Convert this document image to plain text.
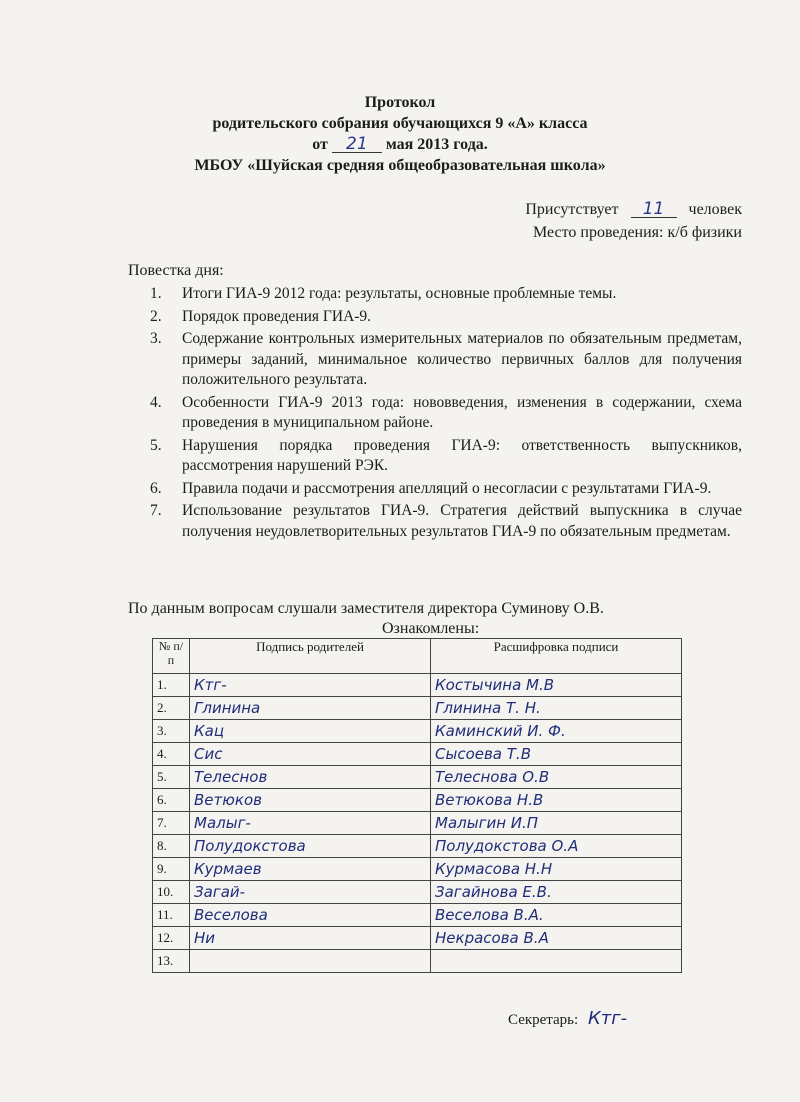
Протокол
родительского собрания обучающихся 9 «А» класса
от 21 мая 2013 года.
МБОУ «Шуйская средняя общеобразовательная школа»
Присутствует 11 человек
Место проведения: к/б физики
Повестка дня:
1.	Итоги ГИА-9 2012 года: результаты, основные проблемные темы.
2.	Порядок проведения ГИА-9.
3.	Содержание контрольных измерительных материалов по обязательным предметам, примеры заданий, минимальное количество первичных баллов для получения положительного результата.
4.	Особенности ГИА-9 2013 года: нововведения, изменения в содержании, схема проведения в муниципальном районе.
5.	Нарушения порядка проведения ГИА-9: ответственность выпускников, рассмотрения нарушений РЭК.
6.	Правила подачи и рассмотрения апелляций о несогласии с результатами ГИА-9.
7.	Использование результатов ГИА-9. Стратегия действий выпускника в случае получения неудовлетворительных результатов ГИА-9 по обязательным предметам.
По данным вопросам слушали заместителя директора Суминову О.В.
Ознакомлены:
№ п/п	Подпись родителей	Расшифровка подписи
1.	Ктг-	Костычина М.В
2.	Глинина	Глинина Т. Н.
3.	Кац	Каминский И. Ф.
4.	Сис	Сысоева Т.В
5.	Телеснов	Телеснова О.В
6.	Ветюков	Ветюкова Н.В
7.	Малыг-	Малыгин И.П
8.	Полудокстова	Полудокстова О.А
9.	Курмаев	Курмасова Н.Н
10.	Загай-	Загайнова Е.В.
11.	Веселова	Веселова В.А.
12.	Ни	Некрасова В.А
13.		
Секретарь: Ктг-
